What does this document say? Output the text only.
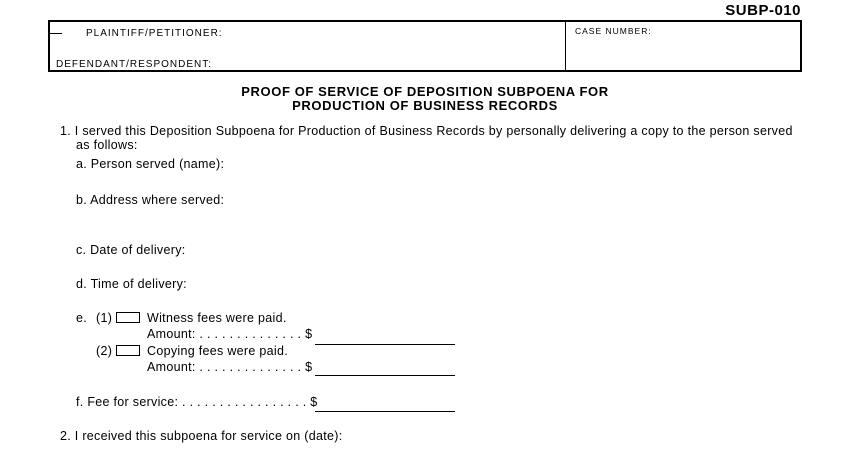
SUBP-010
PLAINTIFF/PETITIONER:
DEFENDANT/RESPONDENT:
CASE NUMBER:
PROOF OF SERVICE OF DEPOSITION SUBPOENA FOR
PRODUCTION OF BUSINESS RECORDS
1. I served this Deposition Subpoena for Production of Business Records by personally delivering a copy to the person served
as follows:
a. Person served (name):
b. Address where served:
c. Date of delivery:
d. Time of delivery:
e. (1)	Witness fees were paid.
Amount: . . . . . . . . . . . . . . $
(2)	Copying fees were paid.
Amount: . . . . . . . . . . . . . . $
f. Fee for service: . . . . . . . . . . . . . . . . . $
2. I received this subpoena for service on (date):
